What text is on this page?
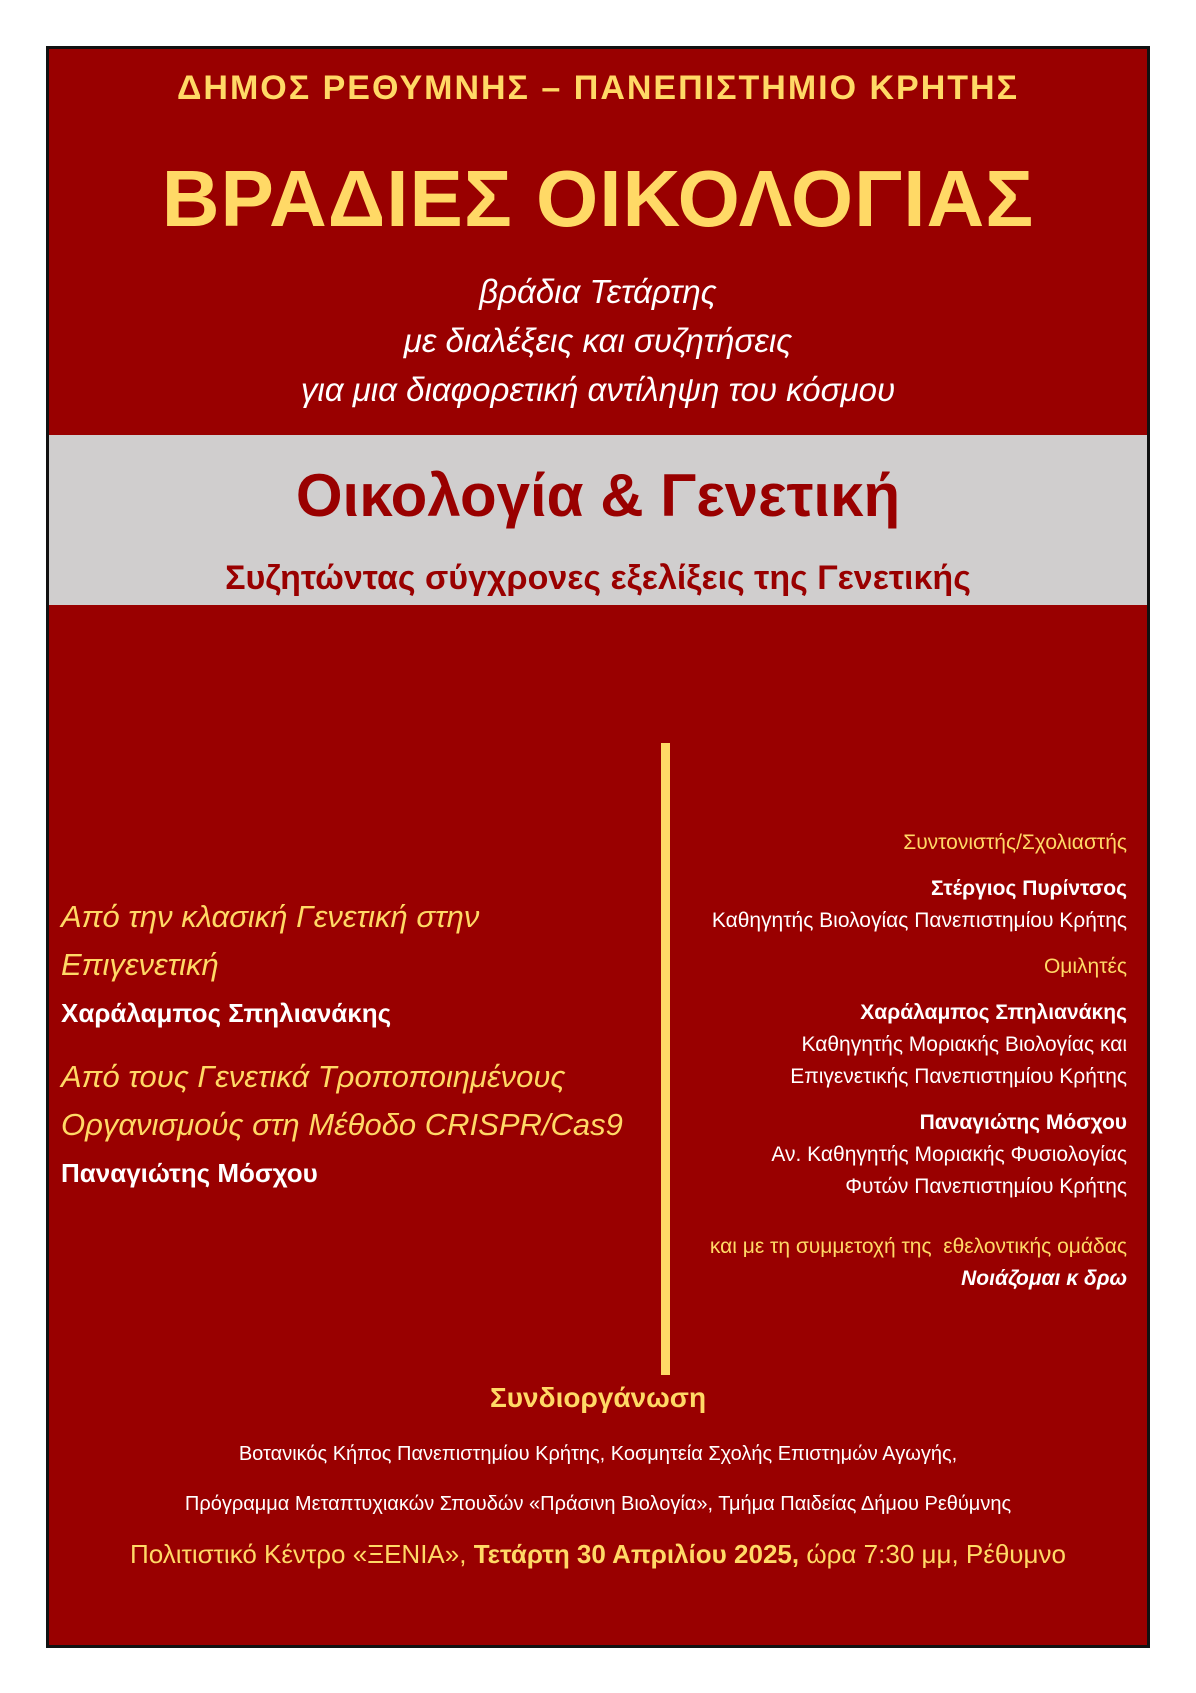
ΔΗΜΟΣ ΡΕΘΥΜΝΗΣ – ΠΑΝΕΠΙΣΤΗΜΙΟ ΚΡΗΤΗΣ
ΒΡΑΔΙΕΣ ΟΙΚΟΛΟΓΙΑΣ
βράδια Τετάρτης
με διαλέξεις και συζητήσεις
για μια διαφορετική αντίληψη του κόσμου
Οικολογία & Γενετική
Συζητώντας σύγχρονες εξελίξεις της Γενετικής
Από την κλασική Γενετική στην
Επιγενετική
Χαράλαμπος Σπηλιανάκης
Από τους Γενετικά Τροποποιημένους
Οργανισμούς στη Μέθοδο CRISPR/Cas9
Παναγιώτης Μόσχου
Συντονιστής/Σχολιαστής
Στέργιος Πυρίντσος
Καθηγητής Βιολογίας Πανεπιστημίου Κρήτης
Ομιλητές
Χαράλαμπος Σπηλιανάκης
Καθηγητής Μοριακής Βιολογίας και
Επιγενετικής Πανεπιστημίου Κρήτης
Παναγιώτης Μόσχου
Αν. Καθηγητής Μοριακής Φυσιολογίας
Φυτών Πανεπιστημίου Κρήτης
και με τη συμμετοχή της  εθελοντικής ομάδας
Νοιάζομαι κ δρω
Συνδιοργάνωση
Βοτανικός Κήπος Πανεπιστημίου Κρήτης, Κοσμητεία Σχολής Επιστημών Αγωγής,
Πρόγραμμα Μεταπτυχιακών Σπουδών «Πράσινη Βιολογία», Τμήμα Παιδείας Δήμου Ρεθύμνης
Πολιτιστικό Κέντρο «ΞΕΝΙΑ», Τετάρτη 30 Απριλίου 2025, ώρα 7:30 μμ, Ρέθυμνο
